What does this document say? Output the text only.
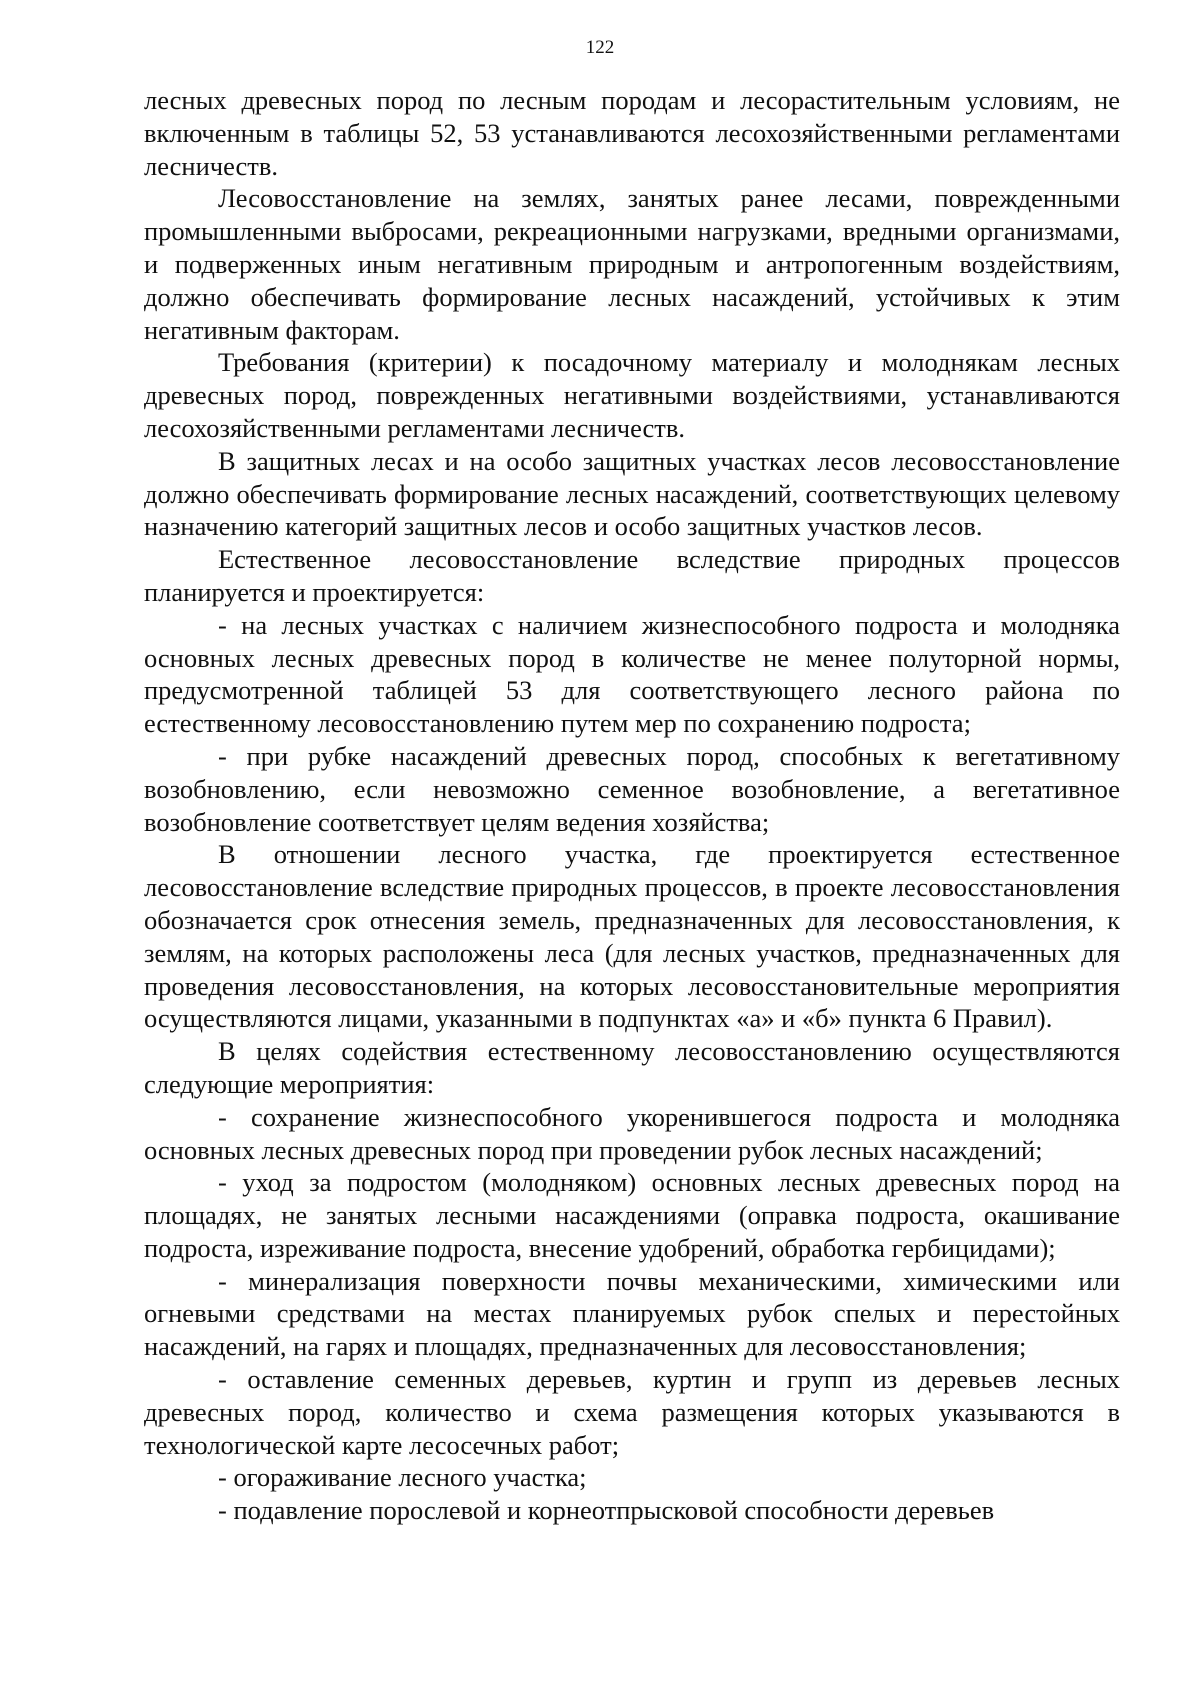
122

лесных древесных пород по лесным породам и лесорастительным условиям, не включенным в таблицы 52, 53 устанавливаются лесохозяйственными регламентами лесничеств.

Лесовосстановление на землях, занятых ранее лесами, поврежденными промышленными выбросами, рекреационными нагрузками, вредными организмами, и подверженных иным негативным природным и антропогенным воздействиям, должно обеспечивать формирование лесных насаждений, устойчивых к этим негативным факторам.

Требования (критерии) к посадочному материалу и молоднякам лесных древесных пород, поврежденных негативными воздействиями, устанавливаются лесохозяйственными регламентами лесничеств.

В защитных лесах и на особо защитных участках лесов лесовосстановление должно обеспечивать формирование лесных насаждений, соответствующих целевому назначению категорий защитных лесов и особо защитных участков лесов.

Естественное лесовосстановление вследствие природных процессов планируется и проектируется:

- на лесных участках с наличием жизнеспособного подроста и молодняка основных лесных древесных пород в количестве не менее полуторной нормы, предусмотренной таблицей 53 для соответствующего лесного района по естественному лесовосстановлению путем мер по сохранению подроста;

- при рубке насаждений древесных пород, способных к вегетативному возобновлению, если невозможно семенное возобновление, а вегетативное возобновление соответствует целям ведения хозяйства;

В отношении лесного участка, где проектируется естественное лесовосстановление вследствие природных процессов, в проекте лесовосстановления обозначается срок отнесения земель, предназначенных для лесовосстановления, к землям, на которых расположены леса (для лесных участков, предназначенных для проведения лесовосстановления, на которых лесовосстановительные мероприятия осуществляются лицами, указанными в подпунктах «а» и «б» пункта 6 Правил).

В целях содействия естественному лесовосстановлению осуществляются следующие мероприятия:

- сохранение жизнеспособного укоренившегося подроста и молодняка основных лесных древесных пород при проведении рубок лесных насаждений;

- уход за подростом (молодняком) основных лесных древесных пород на площадях, не занятых лесными насаждениями (оправка подроста, окашивание подроста, изреживание подроста, внесение удобрений, обработка гербицидами);

- минерализация поверхности почвы механическими, химическими или огневыми средствами на местах планируемых рубок спелых и перестойных насаждений, на гарях и площадях, предназначенных для лесовосстановления;

- оставление семенных деревьев, куртин и групп из деревьев лесных древесных пород, количество и схема размещения которых указываются в технологической карте лесосечных работ;

- огораживание лесного участка;

- подавление порослевой и корнеотпрысковой способности деревьев
